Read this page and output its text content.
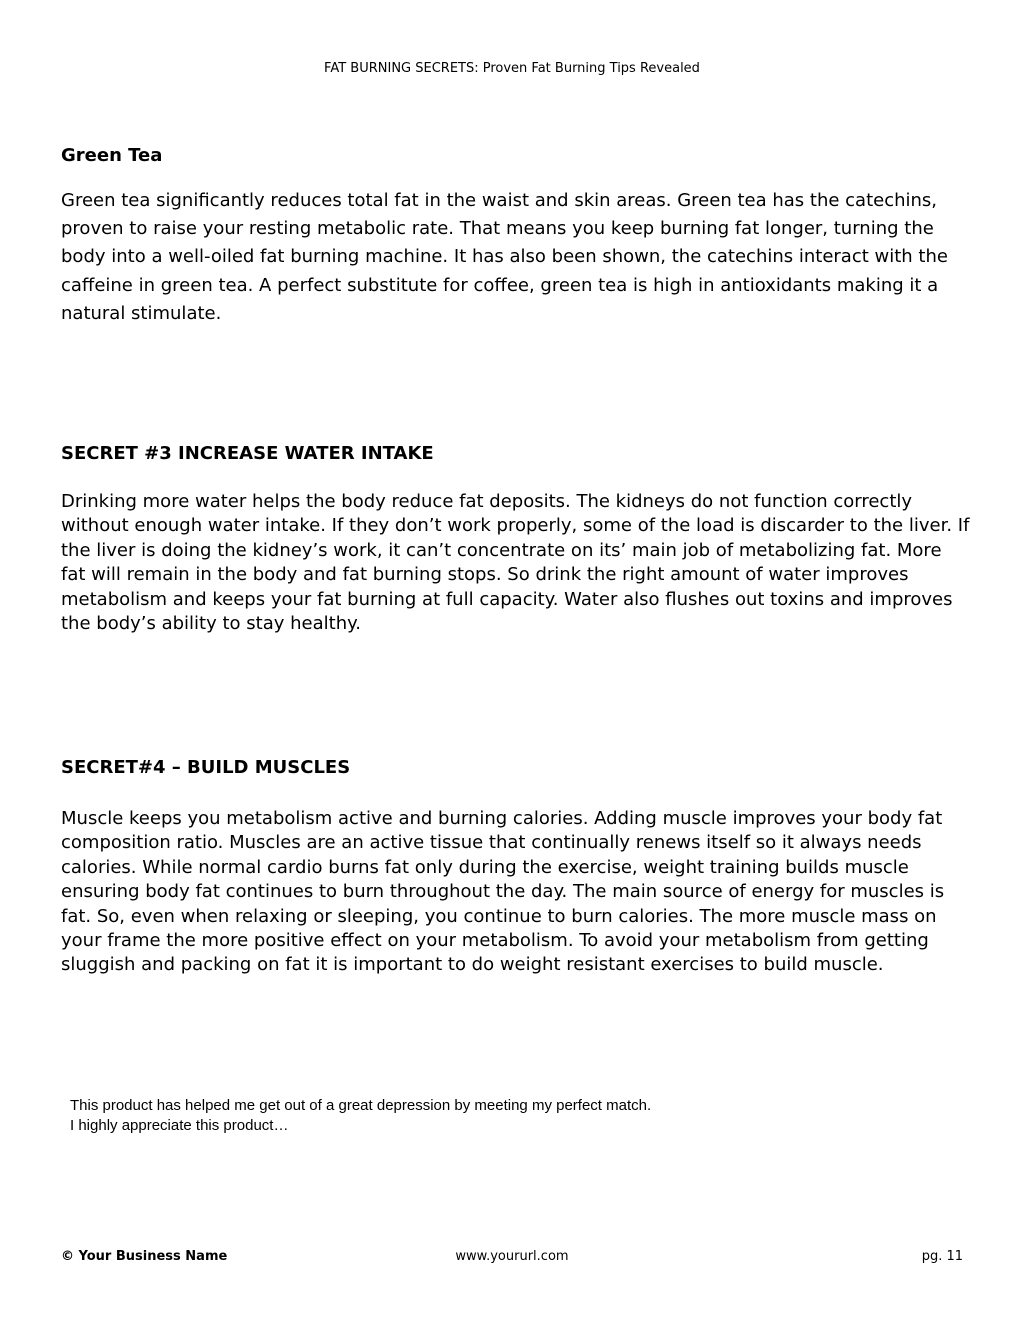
FAT BURNING SECRETS: Proven Fat Burning Tips Revealed
Green Tea

Green tea significantly reduces total fat in the waist and skin areas. Green tea has the catechins, proven to raise your resting metabolic rate. That means you keep burning fat longer, turning the body into a well-oiled fat burning machine. It has also been shown, the catechins interact with the caffeine in green tea. A perfect substitute for coffee, green tea is high in antioxidants making it a natural stimulate.

SECRET #3 INCREASE WATER INTAKE

Drinking more water helps the body reduce fat deposits. The kidneys do not function correctly without enough water intake. If they don’t work properly, some of the load is discarder to the liver. If the liver is doing the kidney’s work, it can’t concentrate on its’ main job of metabolizing fat. More fat will remain in the body and fat burning stops. So drink the right amount of water improves metabolism and keeps your fat burning at full capacity. Water also flushes out toxins and improves the body’s ability to stay healthy.

SECRET#4 – BUILD MUSCLES

Muscle keeps you metabolism active and burning calories. Adding muscle improves your body fat composition ratio. Muscles are an active tissue that continually renews itself so it always needs calories. While normal cardio burns fat only during the exercise, weight training builds muscle ensuring body fat continues to burn throughout the day. The main source of energy for muscles is fat. So, even when relaxing or sleeping, you continue to burn calories. The more muscle mass on your frame the more positive effect on your metabolism. To avoid your metabolism from getting sluggish and packing on fat it is important to do weight resistant exercises to build muscle.

This product has helped me get out of a great depression by meeting my perfect match.
I highly appreciate this product…
© Your Business Name	www.yoururl.com	pg. 11
